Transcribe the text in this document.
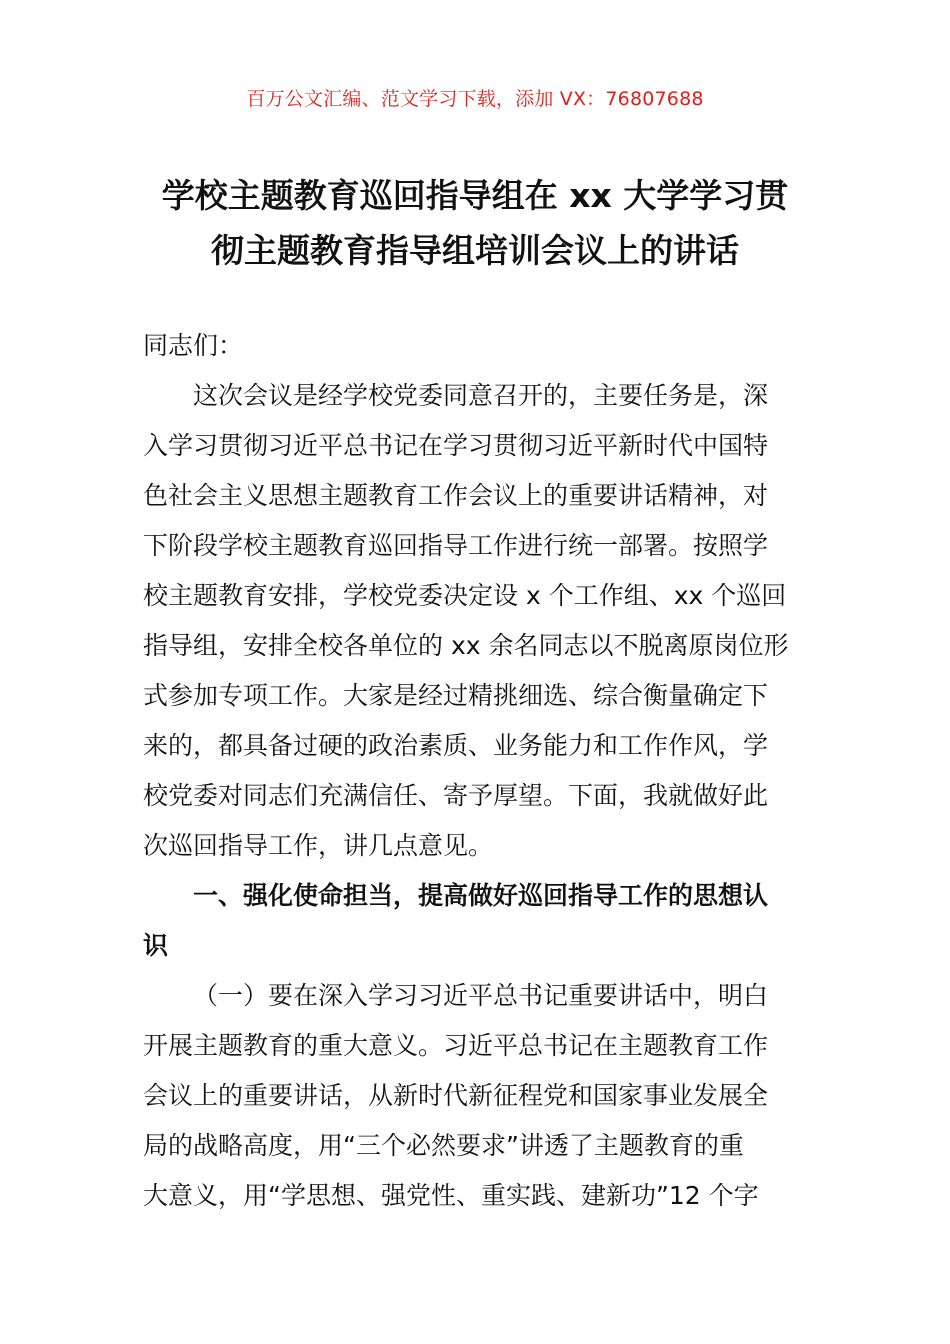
百万公文汇编、范文学习下载，添加 VX：76807688
学校主题教育巡回指导组在 xx 大学学习贯
彻主题教育指导组培训会议上的讲话
同志们：
这次会议是经学校党委同意召开的，主要任务是，深
入学习贯彻习近平总书记在学习贯彻习近平新时代中国特
色社会主义思想主题教育工作会议上的重要讲话精神，对
下阶段学校主题教育巡回指导工作进行统一部署。按照学
校主题教育安排，学校党委决定设 x 个工作组、xx 个巡回
指导组，安排全校各单位的 xx 余名同志以不脱离原岗位形
式参加专项工作。大家是经过精挑细选、综合衡量确定下
来的，都具备过硬的政治素质、业务能力和工作作风，学
校党委对同志们充满信任、寄予厚望。下面，我就做好此
次巡回指导工作，讲几点意见。
一、强化使命担当，提高做好巡回指导工作的思想认
识
（一）要在深入学习习近平总书记重要讲话中，明白
开展主题教育的重大意义。习近平总书记在主题教育工作
会议上的重要讲话，从新时代新征程党和国家事业发展全
局的战略高度，用“三个必然要求”讲透了主题教育的重
大意义，用“学思想、强党性、重实践、建新功”12 个字
